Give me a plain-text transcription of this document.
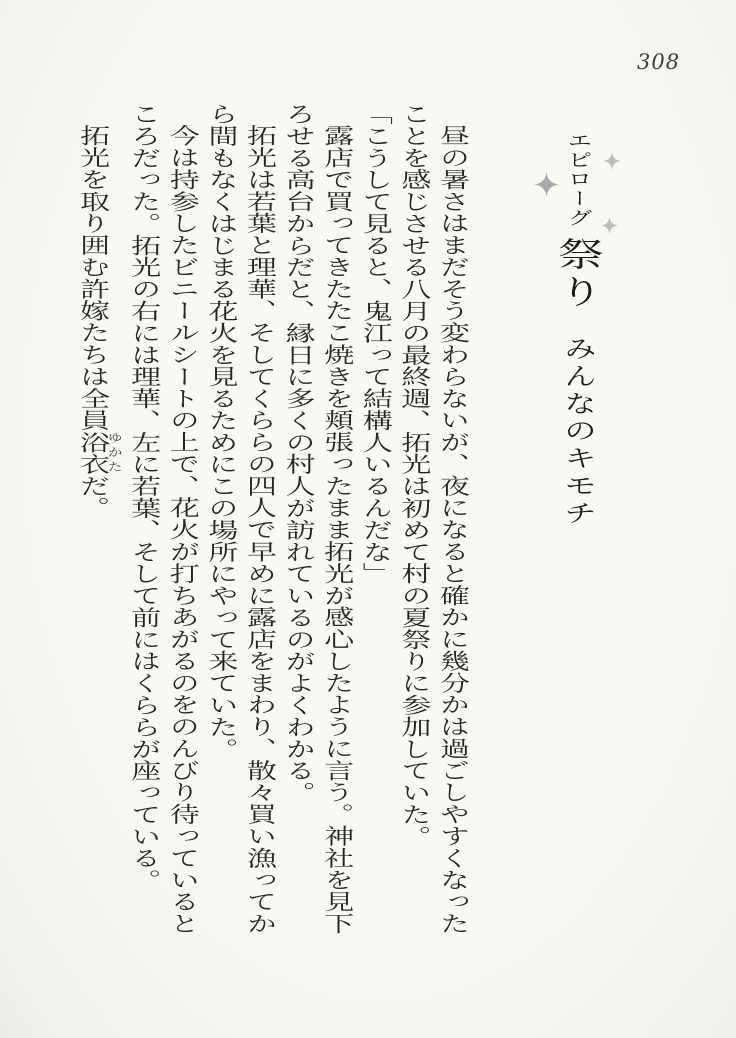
308
エピローグ祭りみんなのキモチ
昼の暑さはまだそう変わらないが、夜になると確かに幾分かは過ごしやすくなった
ことを感じさせる八月の最終週、拓光は初めて村の夏祭りに参加していた。
「こうして見ると、鬼江って結構人いるんだな」
露店で買ってきたたこ焼きを頬張ったまま拓光が感心したように言う。神社を見下
ろせる高台からだと、縁日に多くの村人が訪れているのがよくわかる。
拓光は若葉と理華、そしてくららの四人で早めに露店をまわり、散々買い漁ってか
ら間もなくはじまる花火を見るためにこの場所にやって来ていた。
今は持参したビニールシートの上で、花火が打ちあがるのをのんびり待っていると
ころだった。拓光の右には理華、左に若葉、そして前にはくららが座っている。
拓光を取り囲む許嫁たちは全員浴衣ゆかただ。
